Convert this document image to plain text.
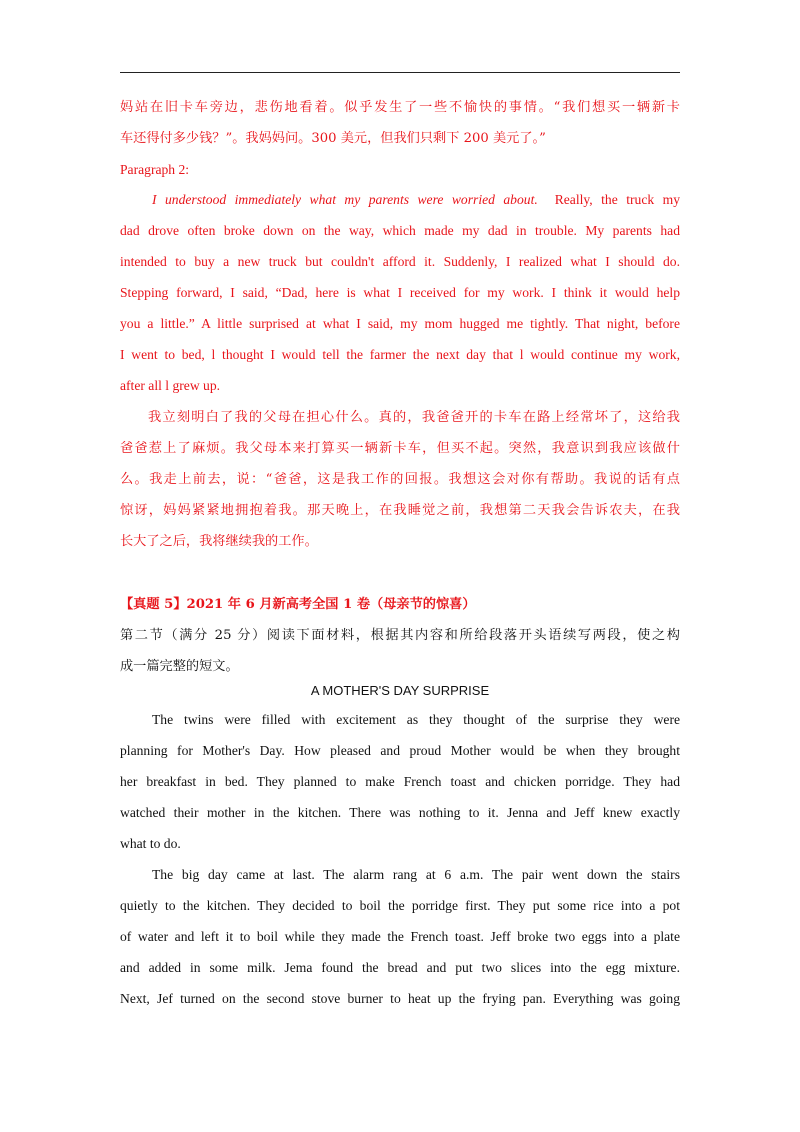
妈站在旧卡车旁边，悲伤地看着。似乎发生了一些不愉快的事情。“我们想买一辆新卡
车还得付多少钱？”。我妈妈问。300 美元，但我们只剩下 200 美元了。”
Paragraph 2:
I understood immediately what my parents were worried about. Really, the truck my
dad drove often broke down on the way, which made my dad in trouble. My parents had
intended to buy a new truck but couldn't afford it. Suddenly, I realized what I should do.
Stepping forward, I said, “Dad, here is what I received for my work. I think it would help
you a little.” A little surprised at what I said, my mom hugged me tightly. That night, before
I went to bed, l thought I would tell the farmer the next day that l would continue my work,
after all l grew up.
我立刻明白了我的父母在担心什么。真的，我爸爸开的卡车在路上经常坏了，这给我
爸爸惹上了麻烦。我父母本来打算买一辆新卡车，但买不起。突然，我意识到我应该做什
么。我走上前去，说：“爸爸，这是我工作的回报。我想这会对你有帮助。我说的话有点
惊讶，妈妈紧紧地拥抱着我。那天晚上，在我睡觉之前，我想第二天我会告诉农夫，在我
长大了之后，我将继续我的工作。
【真题 5】2021 年 6 月新高考全国 1 卷（母亲节的惊喜）
第二节（满分 25 分）阅读下面材料，根据其内容和所给段落开头语续写两段，使之构
成一篇完整的短文。
A MOTHER'S DAY SURPRISE
The twins were filled with excitement as they thought of the surprise they were
planning for Mother's Day. How pleased and proud Mother would be when they brought
her breakfast in bed. They planned to make French toast and chicken porridge. They had
watched their mother in the kitchen. There was nothing to it. Jenna and Jeff knew exactly
what to do.
The big day came at last. The alarm rang at 6 a.m. The pair went down the stairs
quietly to the kitchen. They decided to boil the porridge first. They put some rice into a pot
of water and left it to boil while they made the French toast. Jeff broke two eggs into a plate
and added in some milk. Jema found the bread and put two slices into the egg mixture.
Next, Jef turned on the second stove burner to heat up the frying pan. Everything was going
